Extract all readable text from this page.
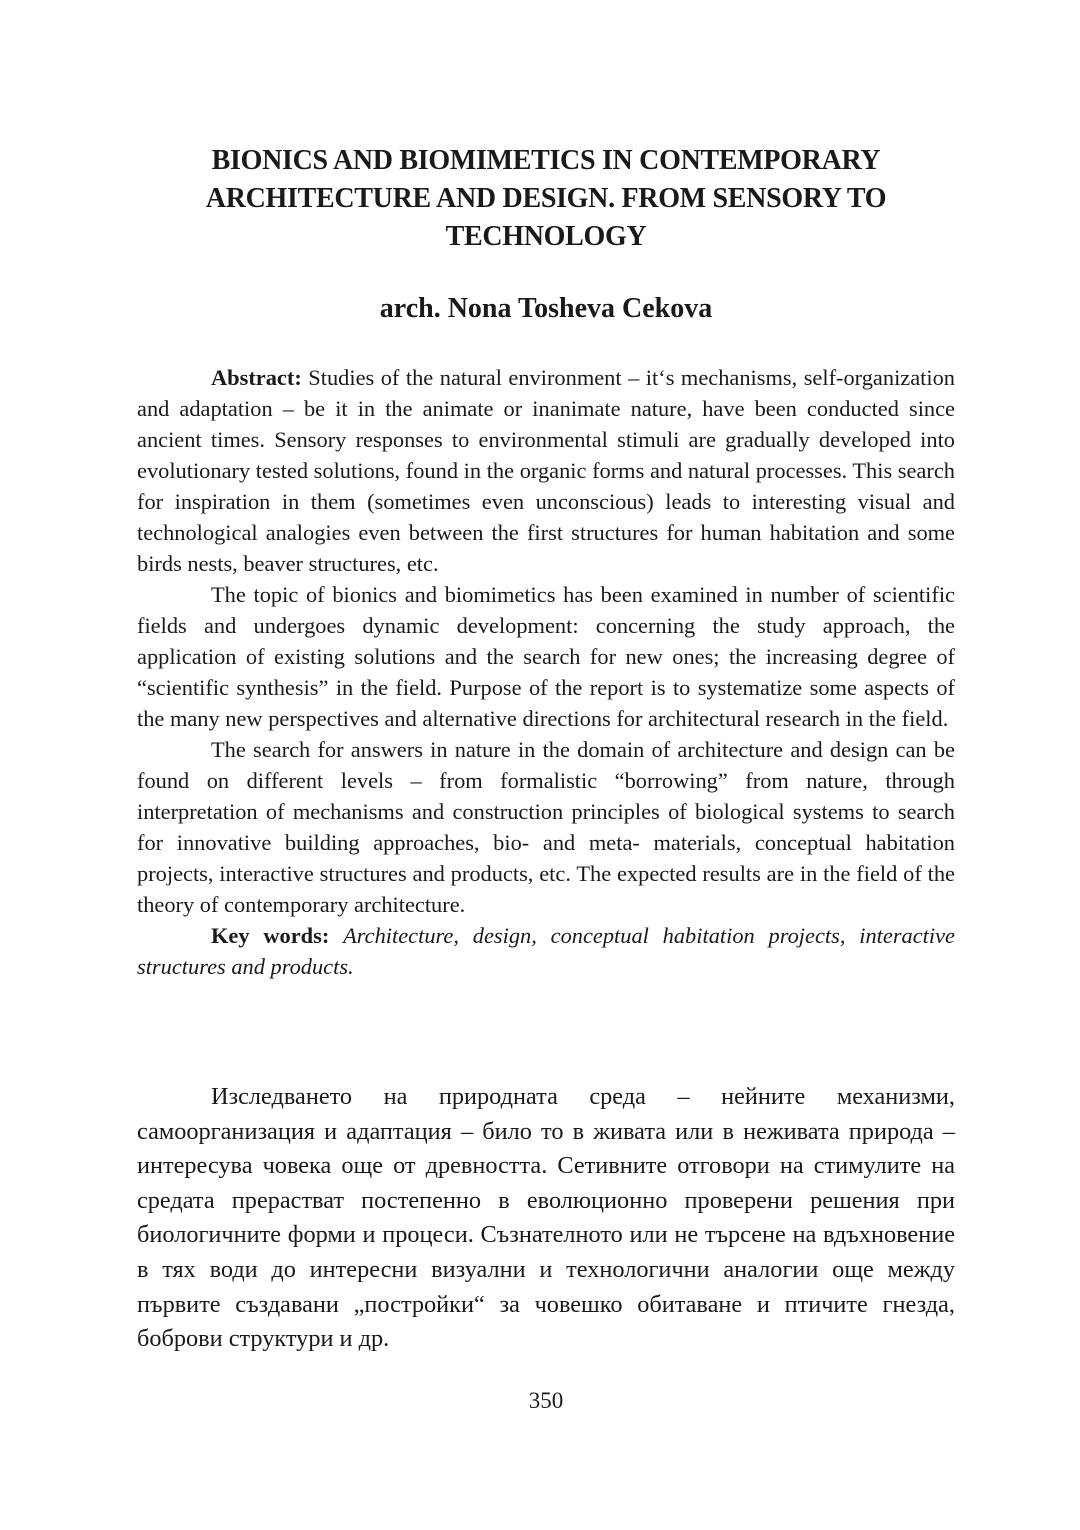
BIONICS AND BIOMIMETICS IN CONTEMPORARY
ARCHITECTURE AND DESIGN. FROM SENSORY TO
TECHNOLOGY
arch. Nona Tosheva Cekova

Abstract: Studies of the natural environment – it‘s mechanisms, self-organization and adaptation – be it in the animate or inanimate nature, have been conducted since ancient times. Sensory responses to environmental stimuli are gradually developed into evolutionary tested solutions, found in the organic forms and natural processes. This search for inspiration in them (sometimes even unconscious) leads to interesting visual and technological analogies even between the first structures for human habitation and some birds nests, beaver structures, etc.

The topic of bionics and biomimetics has been examined in number of scientific fields and undergoes dynamic development: concerning the study approach, the application of existing solutions and the search for new ones; the increasing degree of “scientific synthesis” in the field. Purpose of the report is to systematize some aspects of the many new perspectives and alternative directions for architectural research in the field.

The search for answers in nature in the domain of architecture and design can be found on different levels – from formalistic “borrowing” from nature, through interpretation of mechanisms and construction principles of biological systems to search for innovative building approaches, bio- and meta- materials, conceptual habitation projects, interactive structures and products, etc. The expected results are in the field of the theory of contemporary architecture.

Key words: Architecture, design, conceptual habitation projects, interactive structures and products.

Изследването на природната среда – нейните механизми, самоорганизация и адаптация – било то в живата или в неживата природа – интересува човека още от древността. Сетивните отговори на стимулите на средата прерастват постепенно в еволюционно проверени решения при биологичните форми и процеси. Съзнателното или не търсене на вдъхновение в тях води до интересни визуални и технологични аналогии още между първите създавани „постройки“ за човешко обитаване и птичите гнезда, боброви структури и др.

350
